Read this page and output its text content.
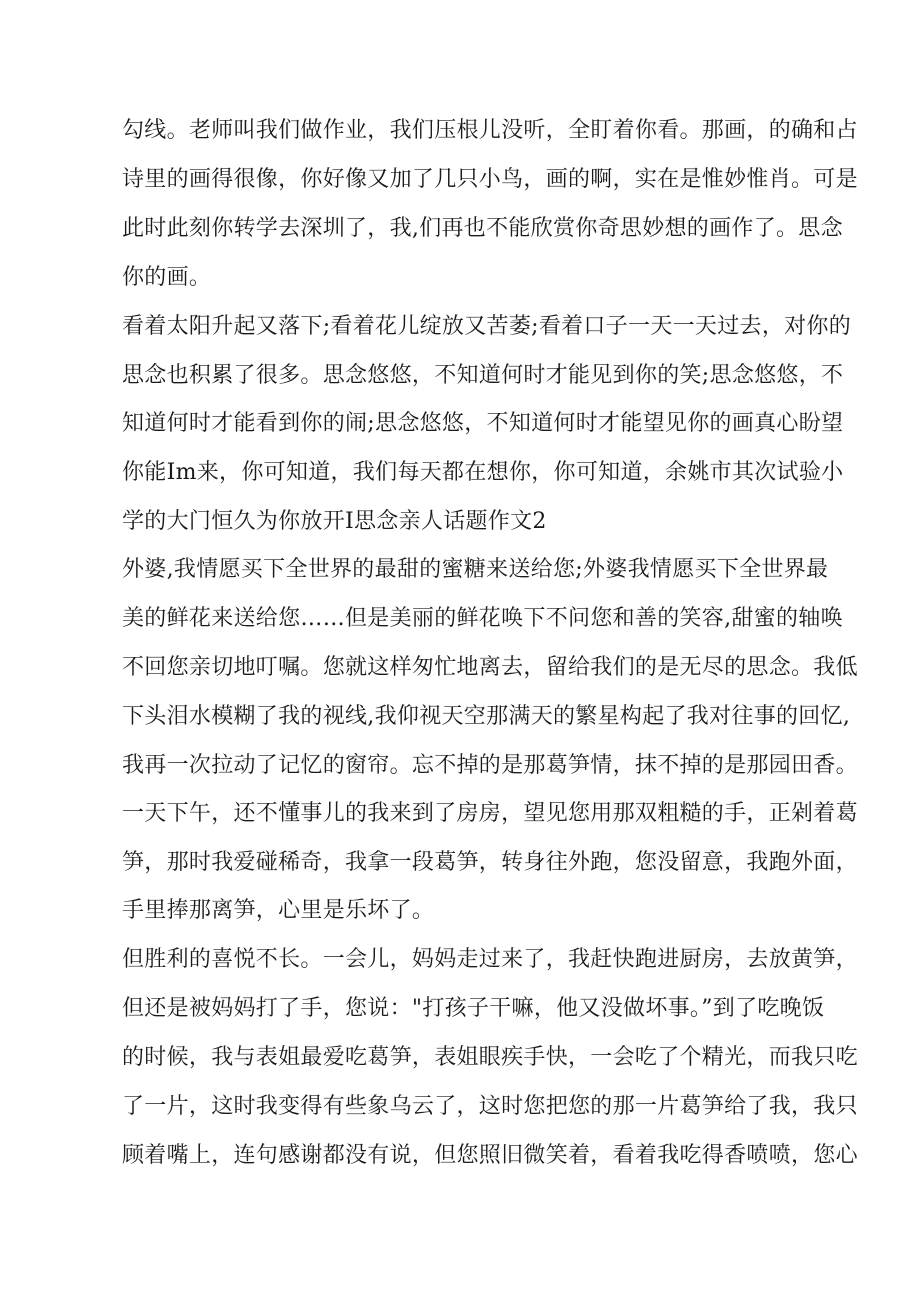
勾线。老师叫我们做作业，我们压根儿没听，全盯着你看。那画，的确和占
诗里的画得很像，你好像又加了几只小鸟，画的啊，实在是惟妙惟肖。可是
此时此刻你转学去深圳了，我,们再也不能欣赏你奇思妙想的画作了。思念
你的画。
看着太阳升起又落下;看着花儿绽放又苦萎;看着口子一天一天过去，对你的
思念也积累了很多。思念悠悠，不知道何时才能见到你的笑;思念悠悠，不
知道何时才能看到你的闹;思念悠悠，不知道何时才能望见你的画真心盼望
你能Im来，你可知道，我们每天都在想你，你可知道，余姚市其次试验小
学的大门恒久为你放开I思念亲人话题作文2
外婆,我情愿买下全世界的最甜的蜜糖来送给您;外婆我情愿买下全世界最
美的鲜花来送给您……但是美丽的鲜花唤下不问您和善的笑容,甜蜜的轴唤
不回您亲切地叮嘱。您就这样匆忙地离去，留给我们的是无尽的思念。我低
下头泪水模糊了我的视线,我仰视天空那满天的繁星构起了我对往事的回忆,
我再一次拉动了记忆的窗帘。忘不掉的是那葛笋情，抹不掉的是那园田香。
一天下午，还不懂事儿的我来到了房房，望见您用那双粗糙的手，正剁着葛
笋，那时我爱碰稀奇，我拿一段葛笋，转身往外跑，您没留意，我跑外面，
手里捧那离笋，心里是乐坏了。
但胜利的喜悦不长。一会儿，妈妈走过来了，我赶快跑进厨房，去放黄笋，
但还是被妈妈打了手，您说："打孩子干嘛，他又没做坏事。”到了吃晚饭
的时候，我与表姐最爱吃葛笋，表姐眼疾手快，一会吃了个精光，而我只吃
了一片，这时我变得有些象乌云了，这时您把您的那一片葛笋给了我，我只
顾着嘴上，连句感谢都没有说，但您照旧微笑着，看着我吃得香喷喷，您心
